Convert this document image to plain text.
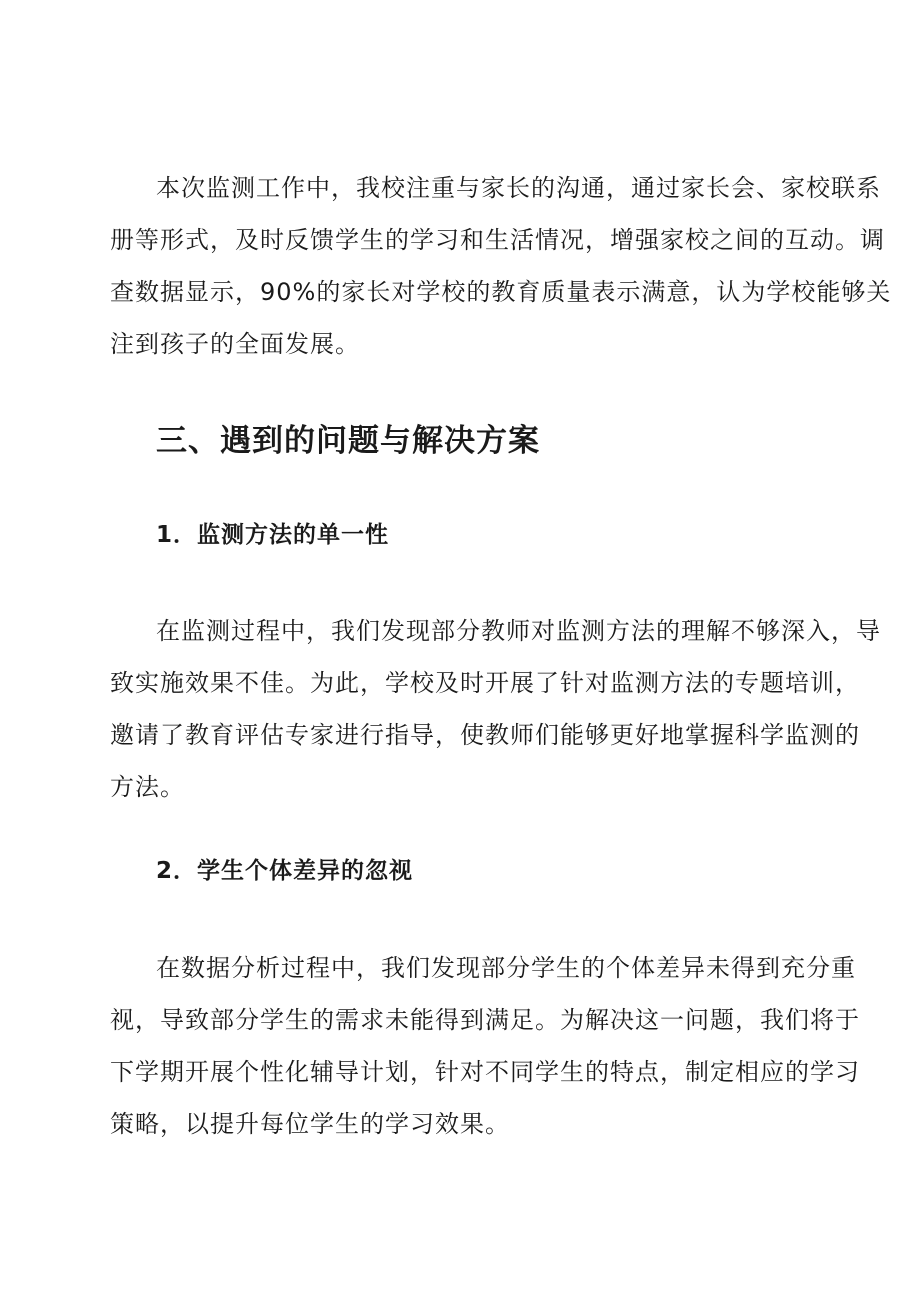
本次监测工作中，我校注重与家长的沟通，通过家长会、家校联系
册等形式，及时反馈学生的学习和生活情况，增强家校之间的互动。调
查数据显示，90%的家长对学校的教育质量表示满意，认为学校能够关
注到孩子的全面发展。

三、遇到的问题与解决方案
1．监测方法的单一性

在监测过程中，我们发现部分教师对监测方法的理解不够深入，导
致实施效果不佳。为此，学校及时开展了针对监测方法的专题培训，
邀请了教育评估专家进行指导，使教师们能够更好地掌握科学监测的
方法。

2．学生个体差异的忽视

在数据分析过程中，我们发现部分学生的个体差异未得到充分重
视，导致部分学生的需求未能得到满足。为解决这一问题，我们将于
下学期开展个性化辅导计划，针对不同学生的特点，制定相应的学习
策略，以提升每位学生的学习效果。
